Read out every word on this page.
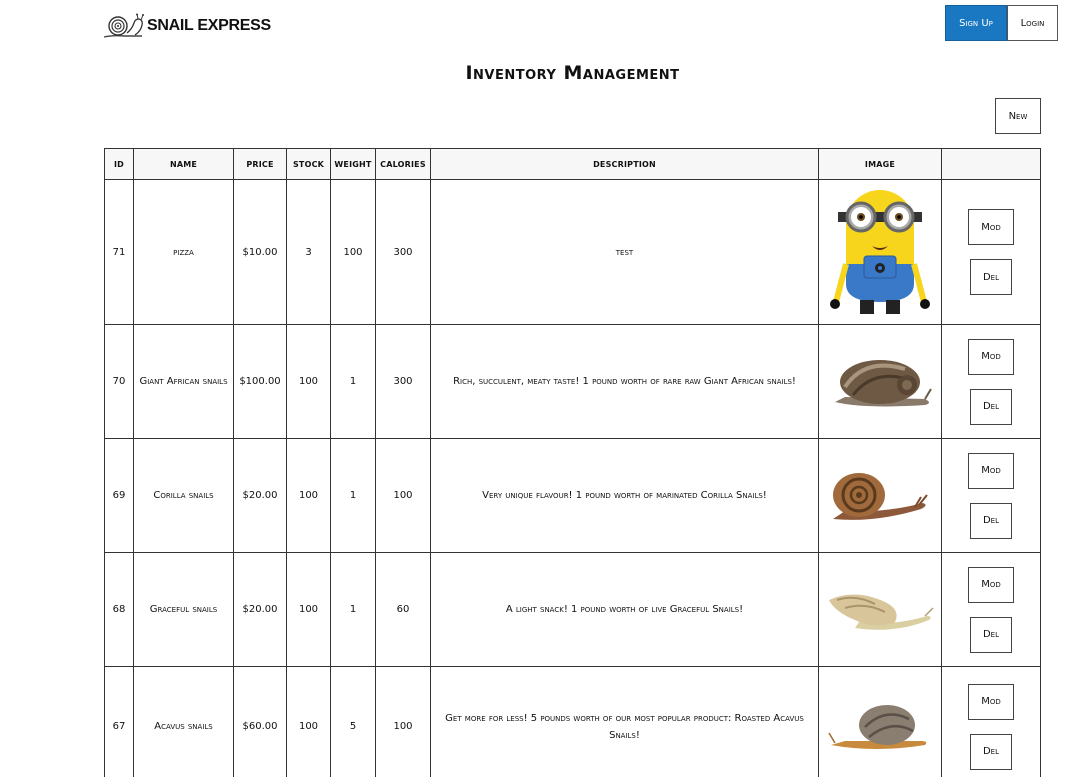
SNAIL EXPRESS	Sign Up	Login
Inventory Management
New
ID	NAME	PRICE	STOCK	WEIGHT	CALORIES	DESCRIPTION	IMAGE	
71	pizza	$10.00	3	100	300	test		Mod
Del

70	Giant African snails	$100.00	100	1	300	Rich, succulent, meaty taste! 1 pound worth of rare raw Giant African snails!		Mod
Del

69	Corilla snails	$20.00	100	1	100	Very unique flavour! 1 pound worth of marinated Corilla Snails!		Mod
Del

68	Graceful snails	$20.00	100	1	60	A light snack! 1 pound worth of live Graceful Snails!		Mod
Del

67	Acavus snails	$60.00	100	5	100	Get more for less! 5 pounds worth of our most popular product: Roasted Acavus Snails!		Mod
Del
